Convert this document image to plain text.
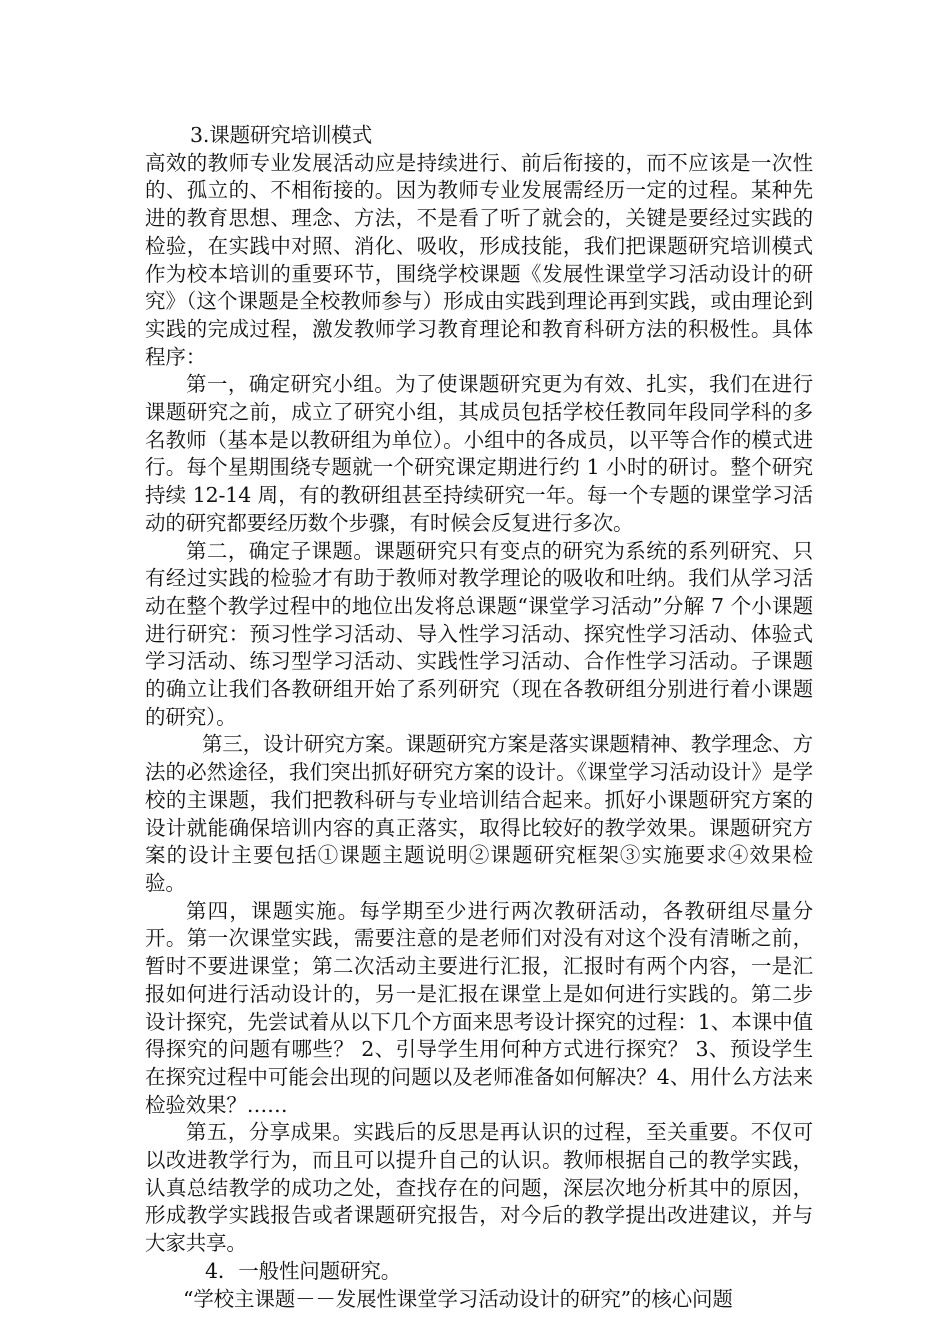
3.课题研究培训模式

高效的教师专业发展活动应是持续进行、前后衔接的，而不应该是一次性的、孤立的、不相衔接的。因为教师专业发展需经历一定的过程。某种先进的教育思想、理念、方法，不是看了听了就会的，关键是要经过实践的检验，在实践中对照、消化、吸收，形成技能，我们把课题研究培训模式作为校本培训的重要环节，围绕学校课题《发展性课堂学习活动设计的研究》（这个课题是全校教师参与）形成由实践到理论再到实践，或由理论到实践的完成过程，激发教师学习教育理论和教育科研方法的积极性。具体程序：

第一，确定研究小组。为了使课题研究更为有效、扎实，我们在进行课题研究之前，成立了研究小组，其成员包括学校任教同年段同学科的多名教师（基本是以教研组为单位）。小组中的各成员，以平等合作的模式进行。每个星期围绕专题就一个研究课定期进行约 1 小时的研讨。整个研究持续 12-14 周，有的教研组甚至持续研究一年。每一个专题的课堂学习活动的研究都要经历数个步骤，有时候会反复进行多次。

第二，确定子课题。课题研究只有变点的研究为系统的系列研究、只有经过实践的检验才有助于教师对教学理论的吸收和吐纳。我们从学习活动在整个教学过程中的地位出发将总课题“课堂学习活动”分解 7 个小课题进行研究：预习性学习活动、导入性学习活动、探究性学习活动、体验式学习活动、练习型学习活动、实践性学习活动、合作性学习活动。子课题的确立让我们各教研组开始了系列研究（现在各教研组分别进行着小课题的研究）。

第三，设计研究方案。课题研究方案是落实课题精神、教学理念、方法的必然途径，我们突出抓好研究方案的设计。《课堂学习活动设计》是学校的主课题，我们把教科研与专业培训结合起来。抓好小课题研究方案的设计就能确保培训内容的真正落实，取得比较好的教学效果。课题研究方案的设计主要包括①课题主题说明②课题研究框架③实施要求④效果检验。

第四，课题实施。每学期至少进行两次教研活动，各教研组尽量分开。第一次课堂实践，需要注意的是老师们对没有对这个没有清晰之前，暂时不要进课堂；第二次活动主要进行汇报，汇报时有两个内容，一是汇报如何进行活动设计的，另一是汇报在课堂上是如何进行实践的。第二步设计探究，先尝试着从以下几个方面来思考设计探究的过程：1、本课中值得探究的问题有哪些？ 2、引导学生用何种方式进行探究？ 3、预设学生在探究过程中可能会出现的问题以及老师准备如何解决？4、用什么方法来检验效果？……

第五，分享成果。实践后的反思是再认识的过程，至关重要。不仅可以改进教学行为，而且可以提升自己的认识。教师根据自己的教学实践，认真总结教学的成功之处，查找存在的问题，深层次地分析其中的原因，形成教学实践报告或者课题研究报告，对今后的教学提出改进建议，并与大家共享。

4．一般性问题研究。

“学校主课题－－发展性课堂学习活动设计的研究”的核心问题
